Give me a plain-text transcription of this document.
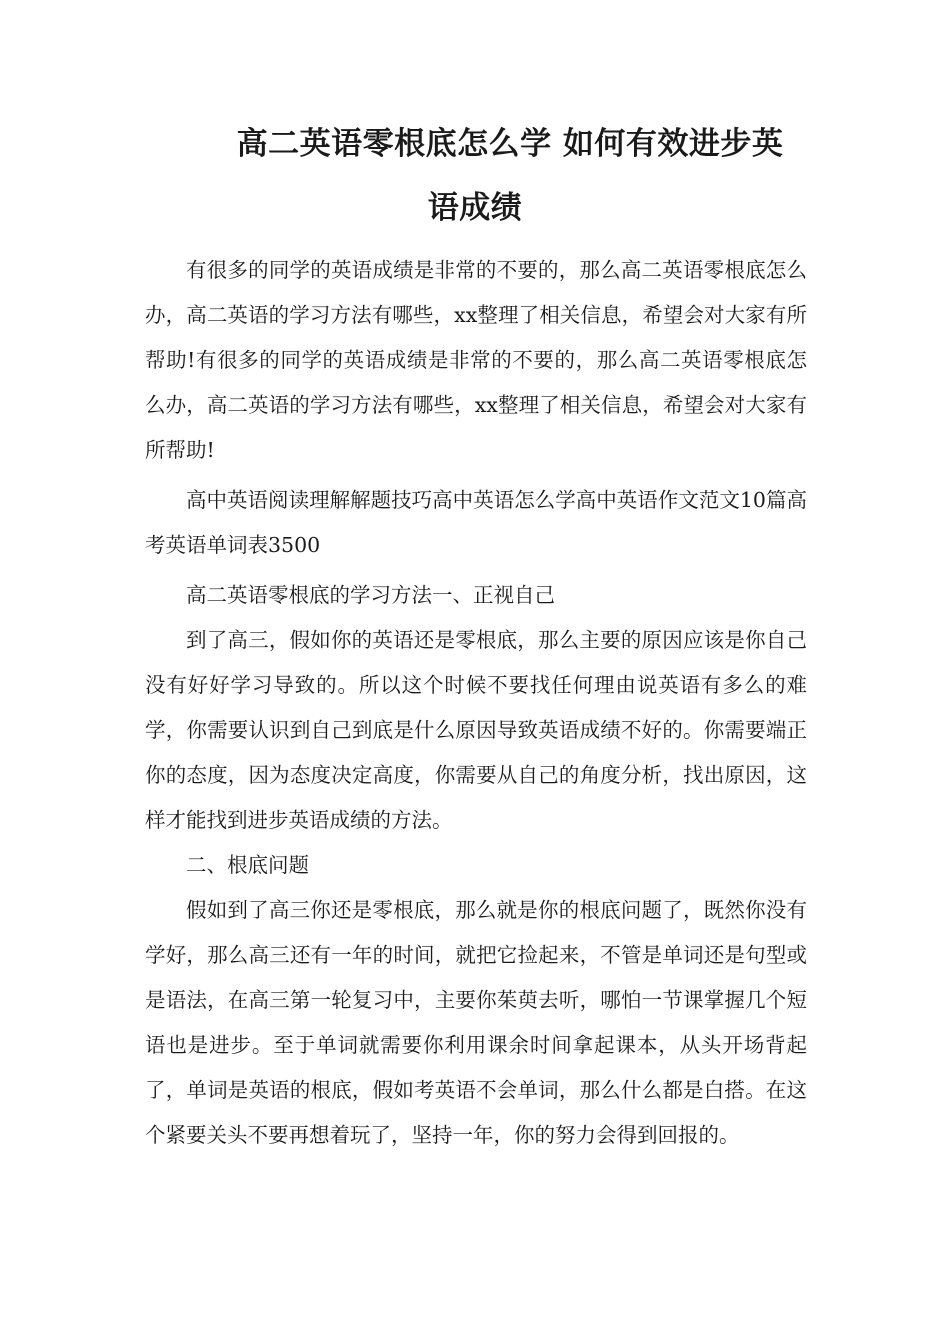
高二英语零根底怎么学 如何有效进步英
语成绩

有很多的同学的英语成绩是非常的不要的，那么高二英语零根底怎么办，高二英语的学习方法有哪些，xx整理了相关信息，希望会对大家有所帮助!有很多的同学的英语成绩是非常的不要的，那么高二英语零根底怎么办，高二英语的学习方法有哪些，xx整理了相关信息，希望会对大家有所帮助!

高中英语阅读理解解题技巧高中英语怎么学高中英语作文范文10篇高考英语单词表3500

高二英语零根底的学习方法一、正视自己

到了高三，假如你的英语还是零根底，那么主要的原因应该是你自己没有好好学习导致的。所以这个时候不要找任何理由说英语有多么的难学，你需要认识到自己到底是什么原因导致英语成绩不好的。你需要端正你的态度，因为态度决定高度，你需要从自己的角度分析，找出原因，这样才能找到进步英语成绩的方法。

二、根底问题

假如到了高三你还是零根底，那么就是你的根底问题了，既然你没有学好，那么高三还有一年的时间，就把它捡起来，不管是单词还是句型或是语法，在高三第一轮复习中，主要你茱萸去听，哪怕一节课掌握几个短语也是进步。至于单词就需要你利用课余时间拿起课本，从头开场背起了，单词是英语的根底，假如考英语不会单词，那么什么都是白搭。在这个紧要关头不要再想着玩了，坚持一年，你的努力会得到回报的。
